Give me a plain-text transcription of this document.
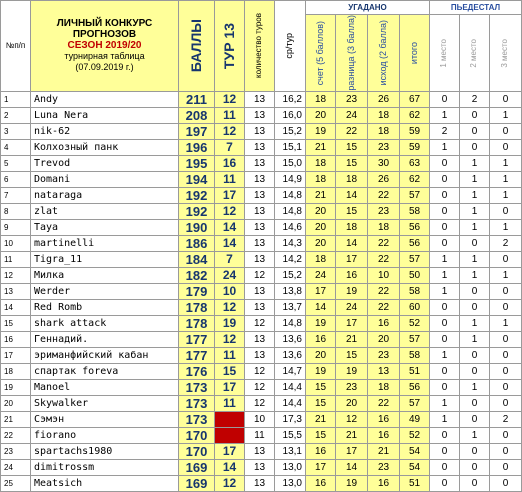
№п/п	ЛИЧНЫЙ КОНКУРС
ПРОГНОЗОВ
СЕЗОН 2019/20
турнирная таблица
(07.09.2019 г.)	БАЛЛЫ	ТУР 13	количество туров	ср/тур	УГАДАНО				ПЬЕДЕСТАЛ		

						счет (5 баллов)	разница (3 балла)	исход (2 балла)	итого	1 место	2 место	3 место

1	Andy	211	12	13	16,2	18	23	26	67	0	2	0
2	Luna Nera	208	11	13	16,0	20	24	18	62	1	0	1
3	nik-62	197	12	13	15,2	19	22	18	59	2	0	0
4	Колхозный панк	196	7	13	15,1	21	15	23	59	1	0	0
5	Trevod	195	16	13	15,0	18	15	30	63	0	1	1
6	Domani	194	11	13	14,9	18	18	26	62	0	1	1
7	nataraga	192	17	13	14,8	21	14	22	57	0	1	1
8	zlat	192	12	13	14,8	20	15	23	58	0	1	0
9	Taya	190	14	13	14,6	20	18	18	56	0	1	1
10	martinelli	186	14	13	14,3	20	14	22	56	0	0	2
11	Tigra_11	184	7	13	14,2	18	17	22	57	1	1	0
12	Милка	182	24	12	15,2	24	16	10	50	1	1	1
13	Werder	179	10	13	13,8	17	19	22	58	1	0	0
14	Red Romb	178	12	13	13,7	14	24	22	60	0	0	0
15	shark attack	178	19	12	14,8	19	17	16	52	0	1	1
16	Геннадий.	177	12	13	13,6	16	21	20	57	0	1	0
17	эриманфийский кабан	177	11	13	13,6	20	15	23	58	1	0	0
18	спартак foreva	176	15	12	14,7	19	19	13	51	0	0	0
19	Manoel	173	17	12	14,4	15	23	18	56	0	1	0
20	Skywalker	173	11	12	14,4	15	20	22	57	1	0	0
21	Сэмэн	173		10	17,3	21	12	16	49	1	0	2
22	fiorano	170		11	15,5	15	21	16	52	0	1	0
23	spartachs1980	170	17	13	13,1	16	17	21	54	0	0	0
24	dimitrossm	169	14	13	13,0	17	14	23	54	0	0	0
25	Meatsich	169	12	13	13,0	16	19	16	51	0	0	0
